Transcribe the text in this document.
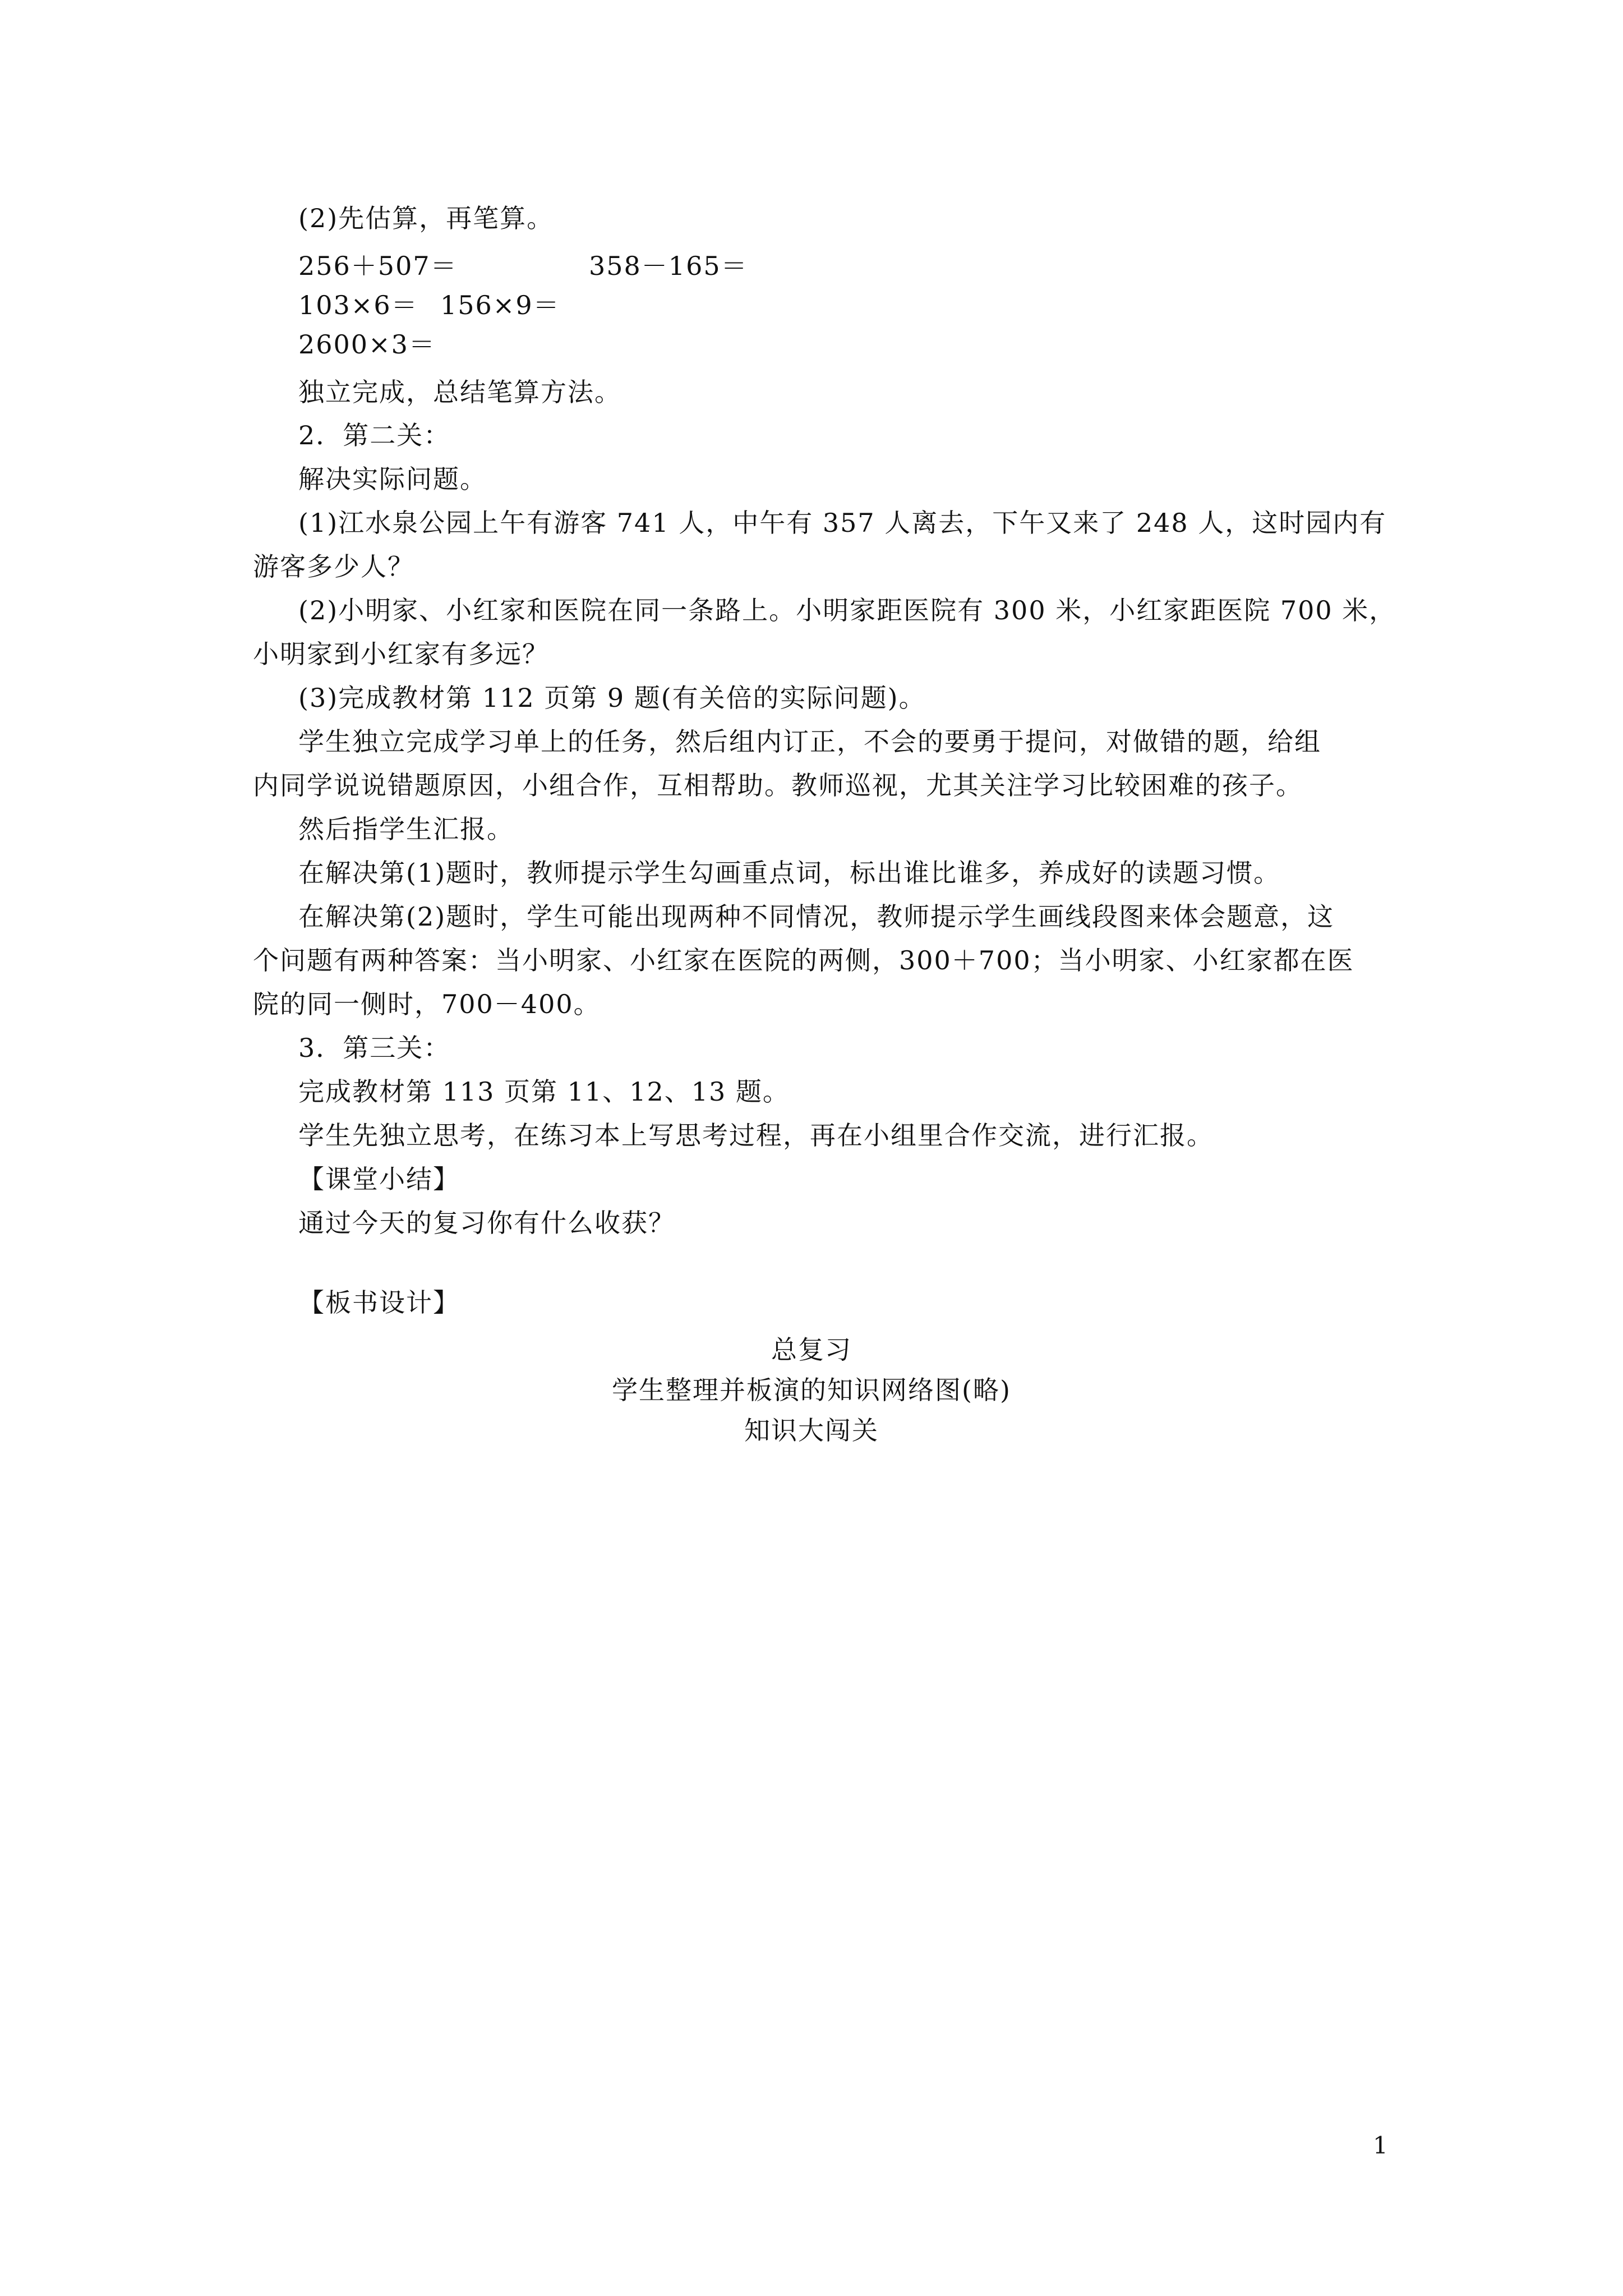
(2)先估算，再笔算。
256＋507＝	358－165＝
103×6＝ 156×9＝
2600×3＝
独立完成，总结笔算方法。
2．第二关：
解决实际问题。
(1)江水泉公园上午有游客 741 人，中午有 357 人离去，下午又来了 248 人，这时园内有
游客多少人？
(2)小明家、小红家和医院在同一条路上。小明家距医院有 300 米，小红家距医院 700 米，
小明家到小红家有多远？
(3)完成教材第 112 页第 9 题(有关倍的实际问题)。
学生独立完成学习单上的任务，然后组内订正，不会的要勇于提问，对做错的题，给组
内同学说说错题原因，小组合作，互相帮助。教师巡视，尤其关注学习比较困难的孩子。
然后指学生汇报。
在解决第(1)题时，教师提示学生勾画重点词，标出谁比谁多，养成好的读题习惯。
在解决第(2)题时，学生可能出现两种不同情况，教师提示学生画线段图来体会题意，这
个问题有两种答案：当小明家、小红家在医院的两侧，300＋700；当小明家、小红家都在医
院的同一侧时，700－400。
3．第三关：
完成教材第 113 页第 11、12、13 题。
学生先独立思考，在练习本上写思考过程，再在小组里合作交流，进行汇报。
【课堂小结】
通过今天的复习你有什么收获？
【板书设计】
总复习
学生整理并板演的知识网络图(略)
知识大闯关
1
